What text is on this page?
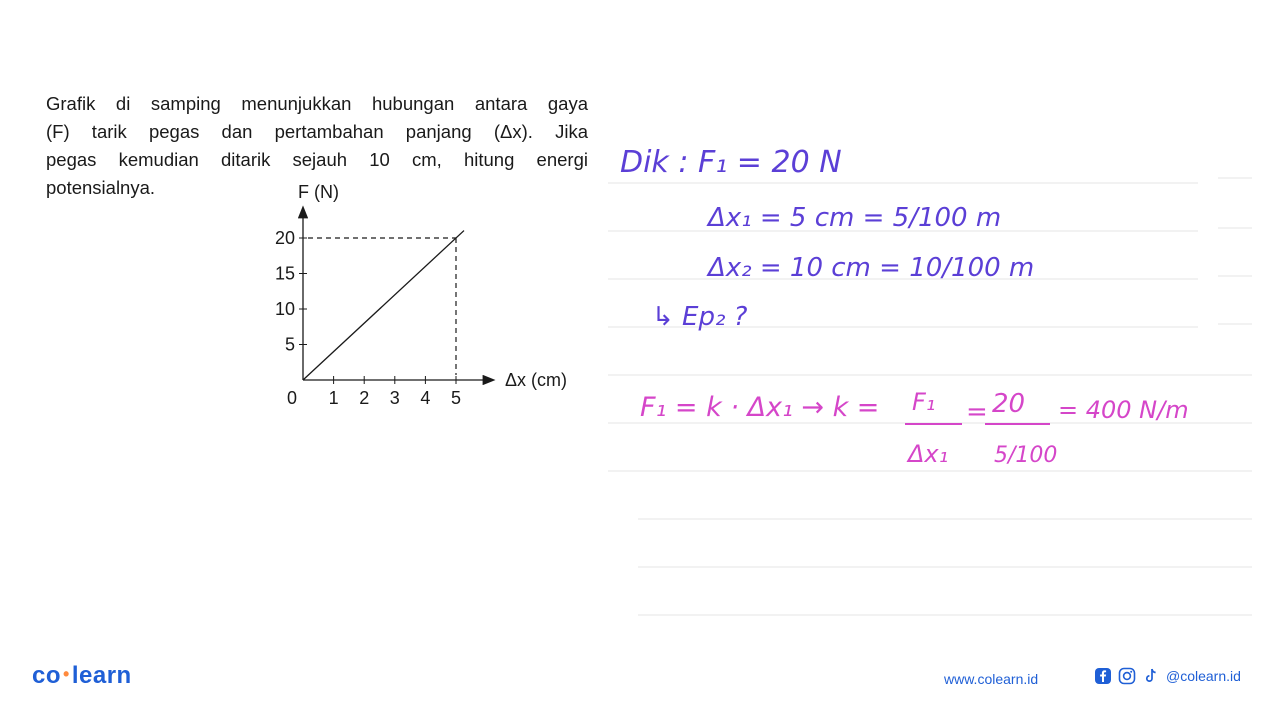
Grafik di samping menunjukkan hubungan antara gaya
(F) tarik pegas dan pertambahan panjang (Δx). Jika
pegas kemudian ditarik sejauh 10 cm, hitung energi
potensialnya.	F (N)
Δx (cm)
0 1 2 3 4 5
5
10
15
20
Dik : F₁ = 20 N
Δx₁ = 5 cm = 5/100 m
Δx₂ = 10 cm = 10/100 m
↳ Ep₂ ?
F₁ = k · Δx₁ → k = F₁
Δx₁
= 20
5/100
= 400 N/m
co •learn	www.colearn.id	@colearn.id
